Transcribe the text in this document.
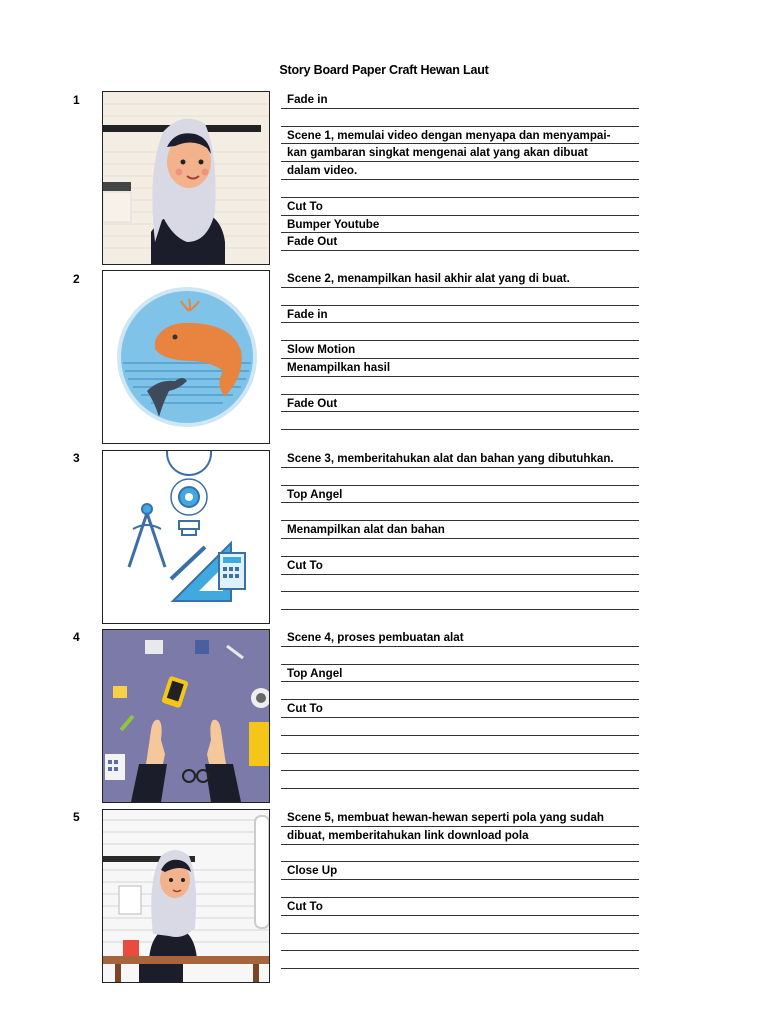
Story Board Paper Craft Hewan Laut
1	Fade in
Scene 1, memulai video dengan menyapa dan menyampai-
kan gambaran singkat mengenai alat yang akan dibuat
dalam video.
Cut To
Bumper Youtube
Fade Out
2	Scene 2, menampilkan hasil akhir alat yang di buat.
Fade in
Slow Motion
Menampilkan hasil
Fade Out
3	Scene 3, memberitahukan alat dan bahan yang dibutuhkan.
Top Angel
Menampilkan alat dan bahan
Cut To
4	Scene 4, proses pembuatan alat
Top Angel
Cut To
5	Scene 5, membuat hewan-hewan seperti pola yang sudah
dibuat, memberitahukan link download pola
Close Up
Cut To
